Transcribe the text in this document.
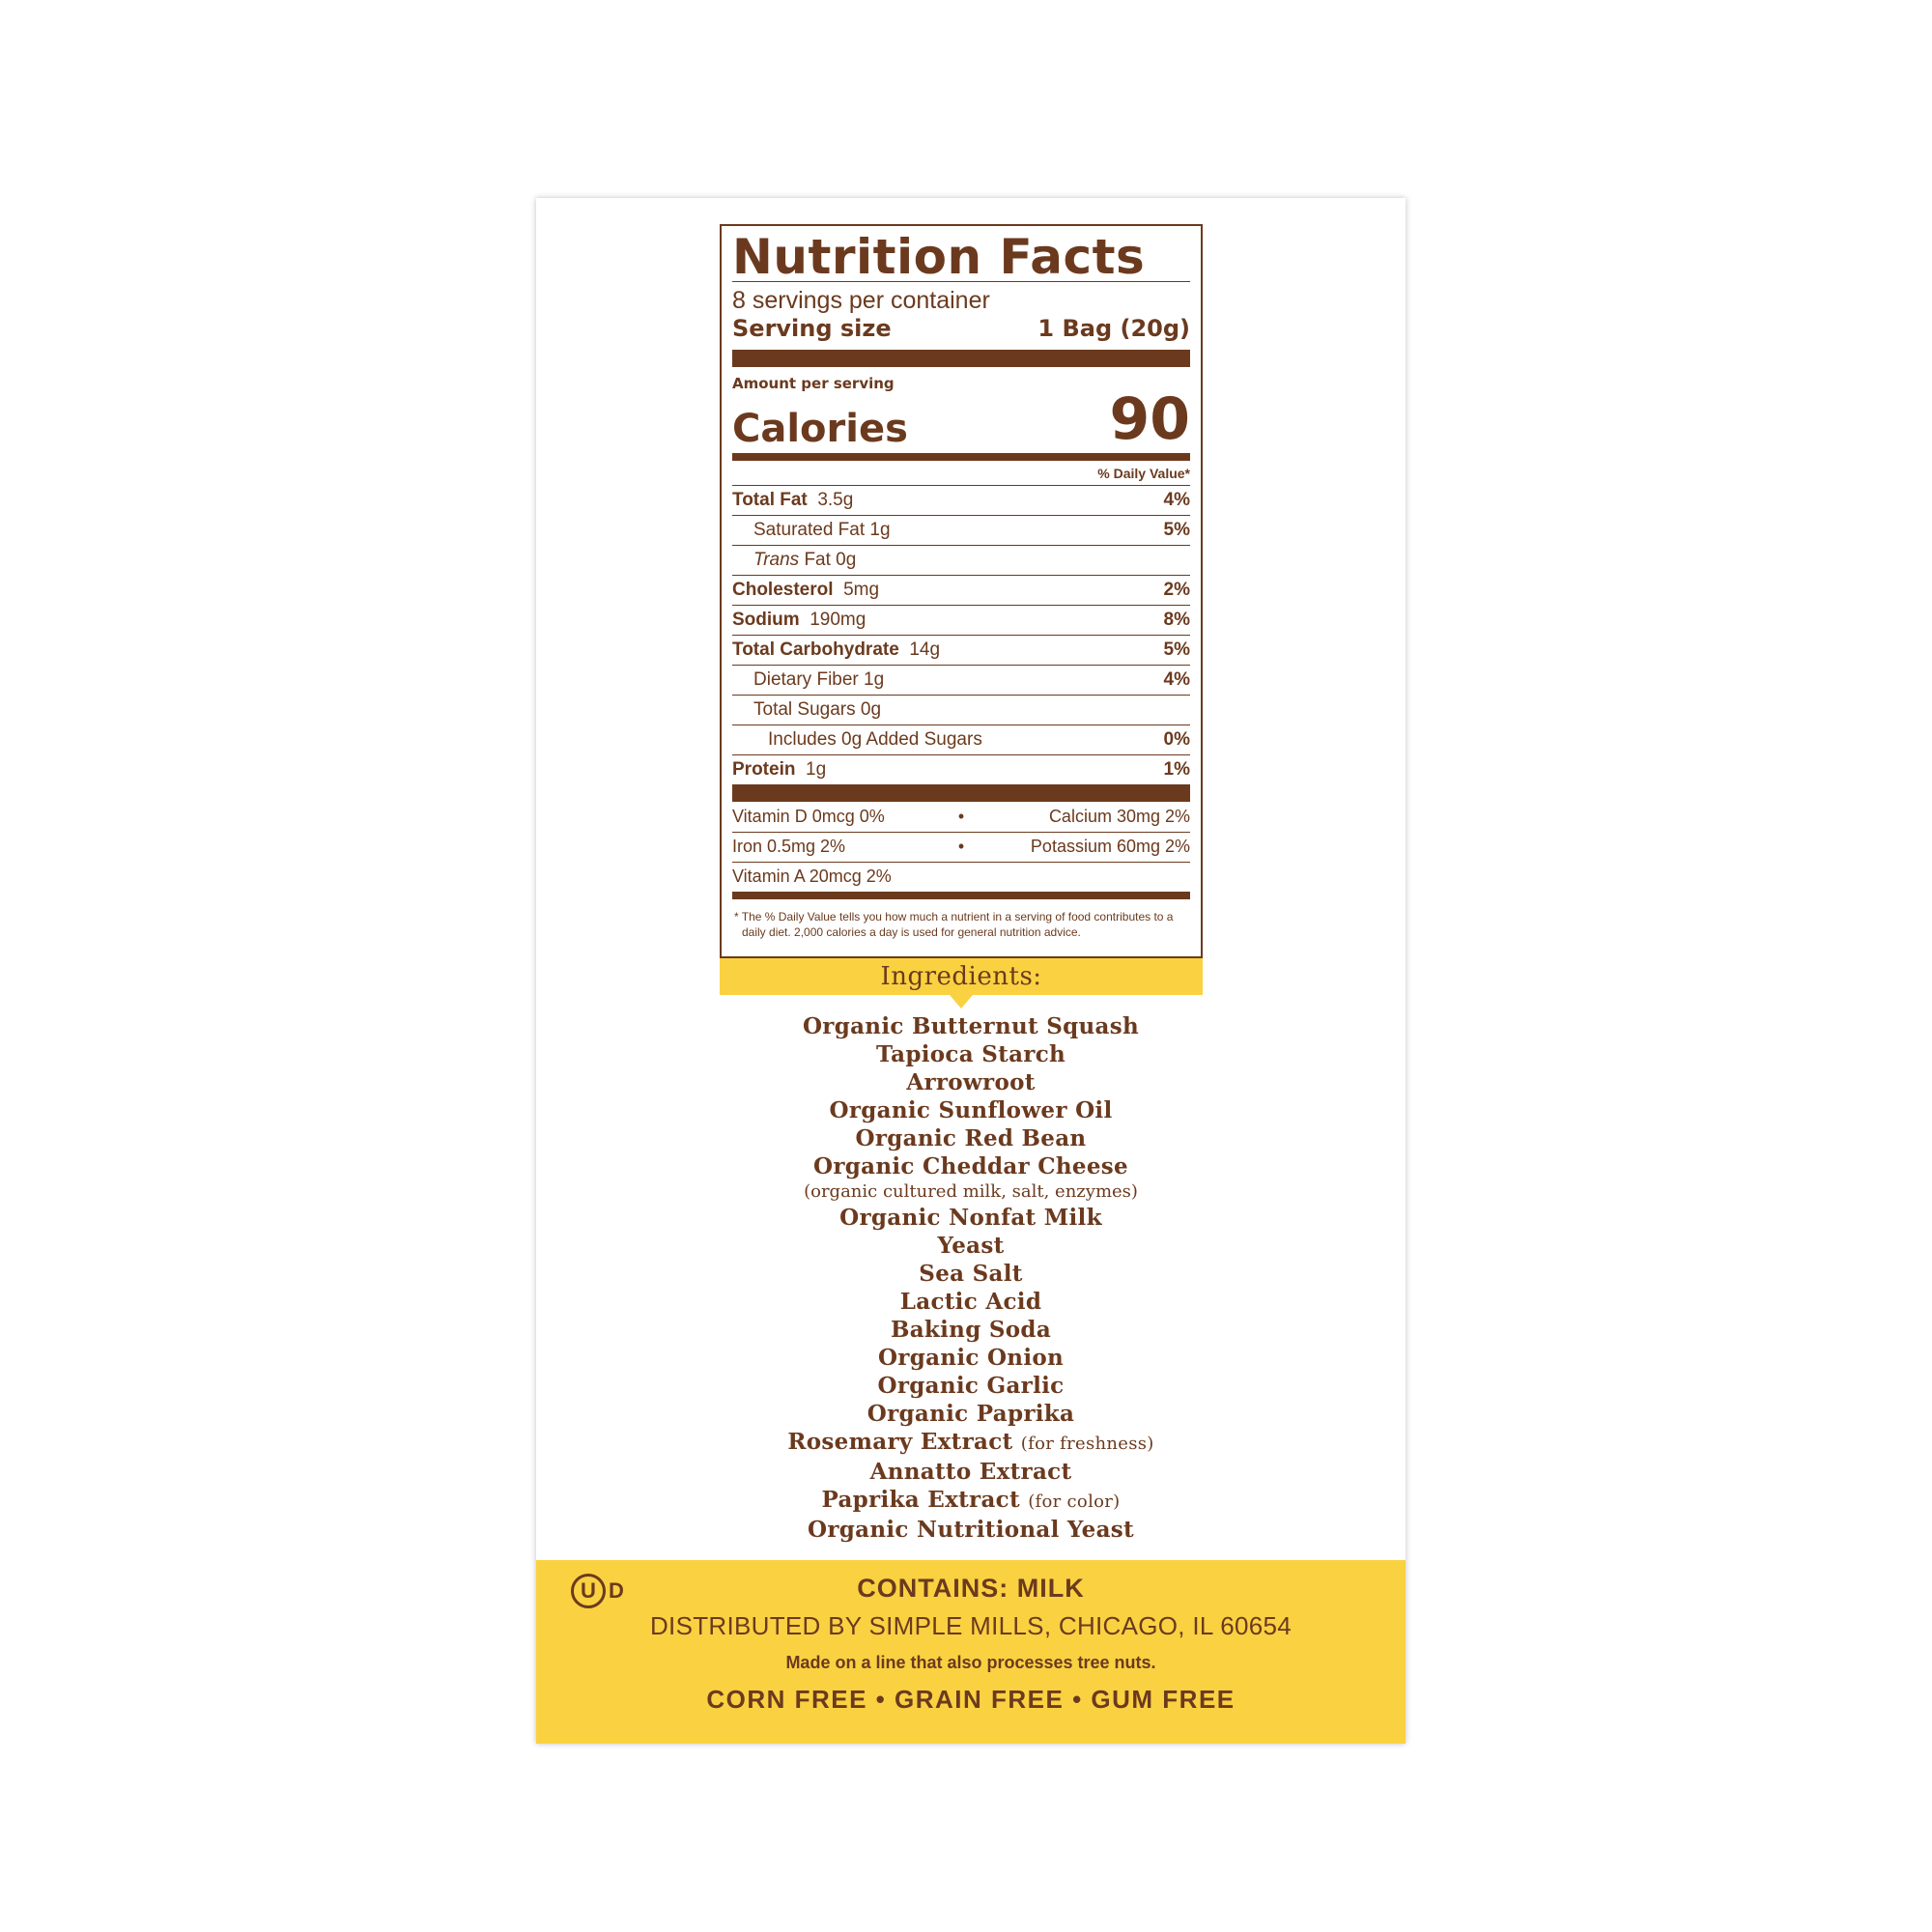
Nutrition Facts
8 servings per container
Serving size	1 Bag (20g)
Amount per serving
Calories	90
% Daily Value*
Total Fat 3.5g	4%
Saturated Fat 1g	5%
Trans Fat 0g
Cholesterol 5mg	2%
Sodium 190mg	8%
Total Carbohydrate 14g	5%
Dietary Fiber 1g	4%
Total Sugars 0g
Includes 0g Added Sugars	0%
Protein 1g	1%
Vitamin D 0mcg 0%	•	Calcium 30mg 2%
Iron 0.5mg 2%	•	Potassium 60mg 2%
Vitamin A 20mcg 2%
* The % Daily Value tells you how much a nutrient in a serving of food contributes to a daily diet. 2,000 calories a day is used for general nutrition advice.
Ingredients:
Organic Butternut Squash
Tapioca Starch
Arrowroot
Organic Sunflower Oil
Organic Red Bean
Organic Cheddar Cheese
(organic cultured milk, salt, enzymes)
Organic Nonfat Milk
Yeast
Sea Salt
Lactic Acid
Baking Soda
Organic Onion
Organic Garlic
Organic Paprika
Rosemary Extract (for freshness)
Annatto Extract
Paprika Extract (for color)
Organic Nutritional Yeast
U D	CONTAINS: MILK
DISTRIBUTED BY SIMPLE MILLS, CHICAGO, IL 60654
Made on a line that also processes tree nuts.
CORN FREE • GRAIN FREE • GUM FREE
